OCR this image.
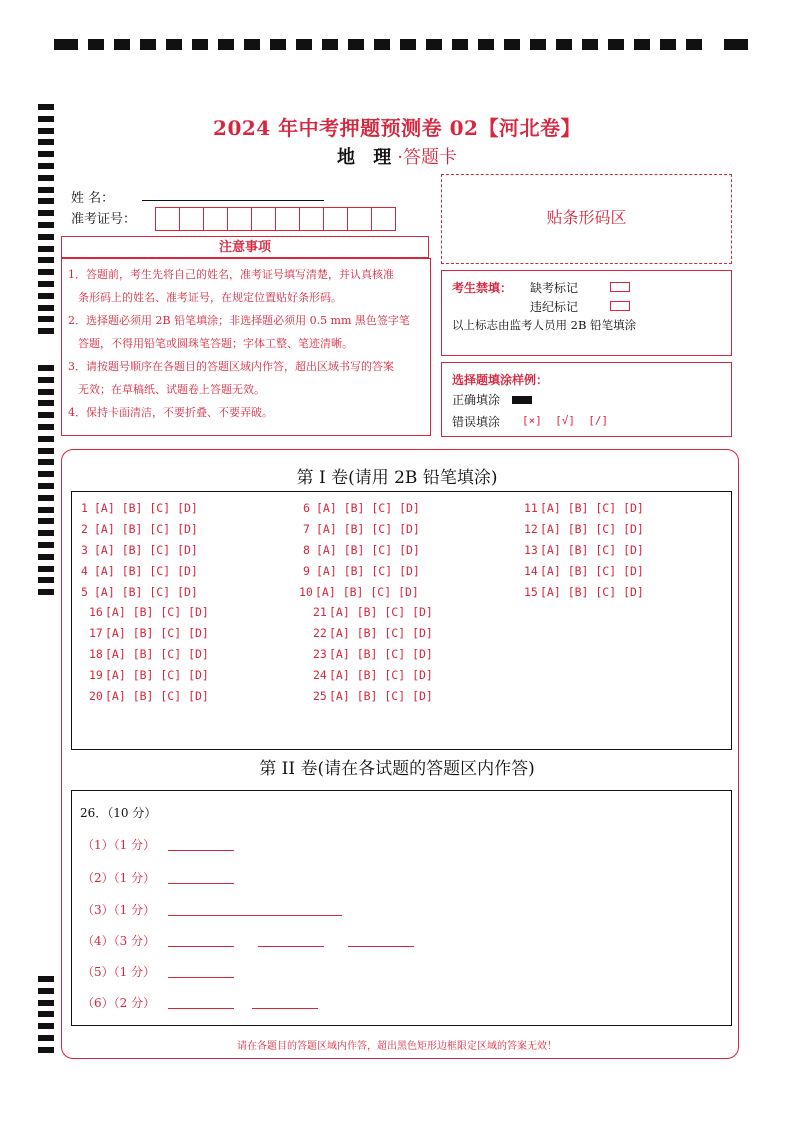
2024 年中考押题预测卷 02【河北卷】
地 理·答题卡
姓 名：
准考证号：
注意事项
1．答题前，考生先将自己的姓名，准考证号填写清楚，并认真核准
条形码上的姓名、准考证号，在规定位置贴好条形码。
2．选择题必须用 2B 铅笔填涂；非选择题必须用 0.5 mm 黑色签字笔
答题，不得用铅笔或圆珠笔答题；字体工整、笔迹清晰。
3．请按题号顺序在各题目的答题区域内作答，超出区域书写的答案
无效；在草稿纸、试题卷上答题无效。
4．保持卡面清洁，不要折叠、不要弄破。
贴条形码区
考生禁填： 缺考标记
违纪标记
以上标志由监考人员用 2B 铅笔填涂
选择题填涂样例：
正确填涂
错误填涂 [×]  [√]  [/]
第 I 卷(请用 2B 铅笔填涂)
第 II 卷(请在各试题的答题区内作答)
26．（10 分）
（1）（1 分）
（2）（1 分）
（3）（1 分）
（4）（3 分）
（5）（1 分）
（6）（2 分）
请在各题目的答题区域内作答，超出黑色矩形边框限定区域的答案无效！
1 [A] [B] [C] [D]
2 [A] [B] [C] [D]
3 [A] [B] [C] [D]
4 [A] [B] [C] [D]
5 [A] [B] [C] [D]
6 [A] [B] [C] [D]
7 [A] [B] [C] [D]
8 [A] [B] [C] [D]
9 [A] [B] [C] [D]
10 [A] [B] [C] [D]
11 [A] [B] [C] [D]
12 [A] [B] [C] [D]
13 [A] [B] [C] [D]
14 [A] [B] [C] [D]
15 [A] [B] [C] [D]
16 [A] [B] [C] [D]
17 [A] [B] [C] [D]
18 [A] [B] [C] [D]
19 [A] [B] [C] [D]
20 [A] [B] [C] [D]
21 [A] [B] [C] [D]
22 [A] [B] [C] [D]
23 [A] [B] [C] [D]
24 [A] [B] [C] [D]
25 [A] [B] [C] [D]
